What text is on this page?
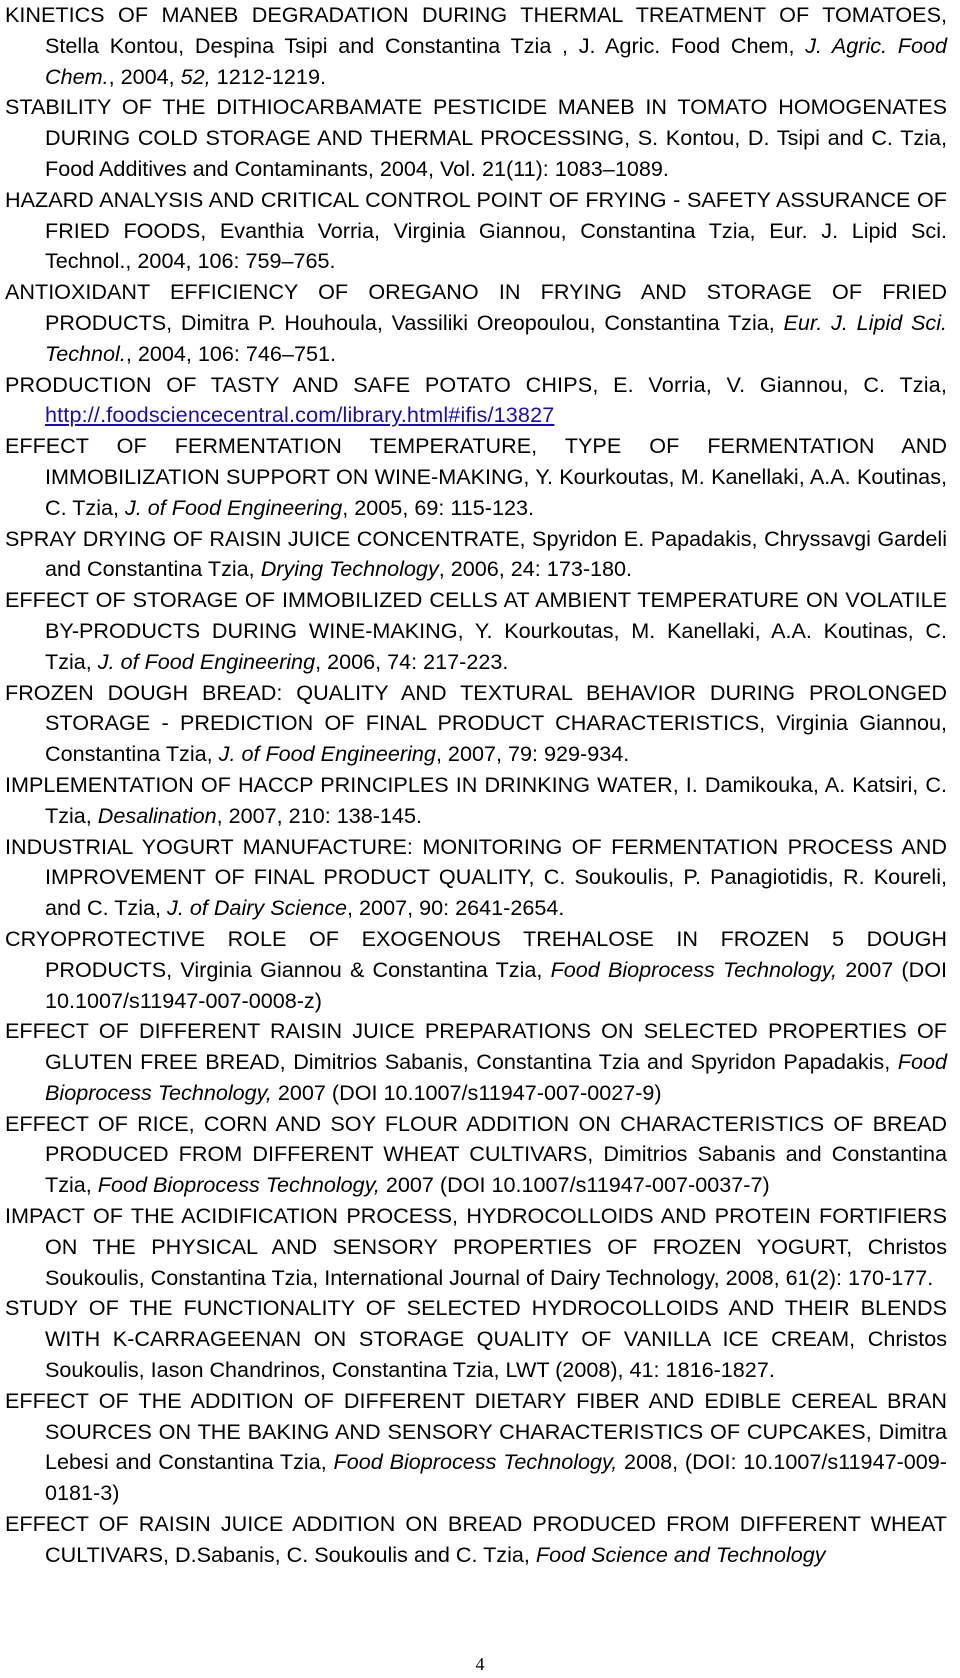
KINETICS OF MANEB DEGRADATION DURING THERMAL TREATMENT OF TOMATOES, Stella Kontou, Despina Tsipi and Constantina Tzia , J. Agric. Food Chem, J. Agric. Food Chem., 2004, 52, 1212-1219.
STABILITY OF THE DITHIOCARBAMATE PESTICIDE MANEB IN TOMATO HOMOGENATES DURING COLD STORAGE AND THERMAL PROCESSING, S. Kontou, D. Tsipi and C. Tzia, Food Additives and Contaminants, 2004, Vol. 21(11): 1083–1089.
HAZARD ANALYSIS AND CRITICAL CONTROL POINT OF FRYING - SAFETY ASSURANCE OF FRIED FOODS, Evanthia Vorria, Virginia Giannou, Constantina Tzia, Eur. J. Lipid Sci. Technol., 2004, 106: 759–765.
ANTIOXIDANT EFFICIENCY OF OREGANO IN FRYING AND STORAGE OF FRIED PRODUCTS, Dimitra P. Houhoula, Vassiliki Oreopoulou, Constantina Tzia, Eur. J. Lipid Sci. Technol., 2004, 106: 746–751.
PRODUCTION OF TASTY AND SAFE POTATO CHIPS, E. Vorria, V. Giannou, C. Tzia, http://.foodsciencecentral.com/library.html#ifis/13827
EFFECT OF FERMENTATION TEMPERATURE, TYPE OF FERMENTATION AND IMMOBILIZATION SUPPORT ON WINE-MAKING, Y. Kourkoutas, M. Kanellaki, A.A. Koutinas, C. Tzia, J. of Food Engineering, 2005, 69: 115-123.
SPRAY DRYING OF RAISIN JUICE CONCENTRATE, Spyridon E. Papadakis, Chryssavgi Gardeli and Constantina Tzia, Drying Technology, 2006, 24: 173-180.
EFFECT OF STORAGE OF IMMOBILIZED CELLS AT AMBIENT TEMPERATURE ON VOLATILE BY-PRODUCTS DURING WINE-MAKING, Y. Kourkoutas, M. Kanellaki, A.A. Koutinas, C. Tzia, J. of Food Engineering, 2006, 74: 217-223.
FROZEN DOUGH BREAD: QUALITY AND TEXTURAL BEHAVIOR DURING PROLONGED STORAGE - PREDICTION OF FINAL PRODUCT CHARACTERISTICS, Virginia Giannou, Constantina Tzia, J. of Food Engineering, 2007, 79: 929-934.
IMPLEMENTATION OF HACCP PRINCIPLES IN DRINKING WATER, I. Damikouka, A. Katsiri, C. Tzia, Desalination, 2007, 210: 138-145.
INDUSTRIAL YOGURT MANUFACTURE: MONITORING OF FERMENTATION PROCESS AND IMPROVEMENT OF FINAL PRODUCT QUALITY, C. Soukoulis, P. Panagiotidis, R. Koureli, and C. Tzia, J. of Dairy Science, 2007, 90: 2641-2654.
CRYOPROTECTIVE ROLE OF EXOGENOUS TREHALOSE IN FROZEN 5 DOUGH PRODUCTS, Virginia Giannou & Constantina Tzia, Food Bioprocess Technology, 2007 (DOI 10.1007/s11947-007-0008-z)
EFFECT OF DIFFERENT RAISIN JUICE PREPARATIONS ON SELECTED PROPERTIES OF GLUTEN FREE BREAD, Dimitrios Sabanis, Constantina Tzia and Spyridon Papadakis, Food Bioprocess Technology, 2007 (DOI 10.1007/s11947-007-0027-9)
EFFECT OF RICE, CORN AND SOY FLOUR ADDITION ON CHARACTERISTICS OF BREAD PRODUCED FROM DIFFERENT WHEAT CULTIVARS, Dimitrios Sabanis and Constantina Tzia, Food Bioprocess Technology, 2007 (DOI 10.1007/s11947-007-0037-7)
IMPACT OF THE ACIDIFICATION PROCESS, HYDROCOLLOIDS AND PROTEIN FORTIFIERS ON THE PHYSICAL AND SENSORY PROPERTIES OF FROZEN YOGURT, Christos Soukoulis, Constantina Tzia, International Journal of Dairy Technology, 2008, 61(2): 170-177.
STUDY OF THE FUNCTIONALITY OF SELECTED HYDROCOLLOIDS AND THEIR BLENDS WITH K-CARRAGEENAN ON STORAGE QUALITY OF VANILLA ICE CREAM, Christos Soukoulis, Iason Chandrinos, Constantina Tzia, LWT (2008), 41: 1816-1827.
EFFECT OF THE ADDITION OF DIFFERENT DIETARY FIBER AND EDIBLE CEREAL BRAN SOURCES ON THE BAKING AND SENSORY CHARACTERISTICS OF CUPCAKES, Dimitra Lebesi and Constantina Tzia, Food Bioprocess Technology, 2008, (DOI: 10.1007/s11947-009-0181-3)
EFFECT OF RAISIN JUICE ADDITION ON BREAD PRODUCED FROM DIFFERENT WHEAT CULTIVARS, D.Sabanis, C. Soukoulis and C. Tzia, Food Science and Technology
4
